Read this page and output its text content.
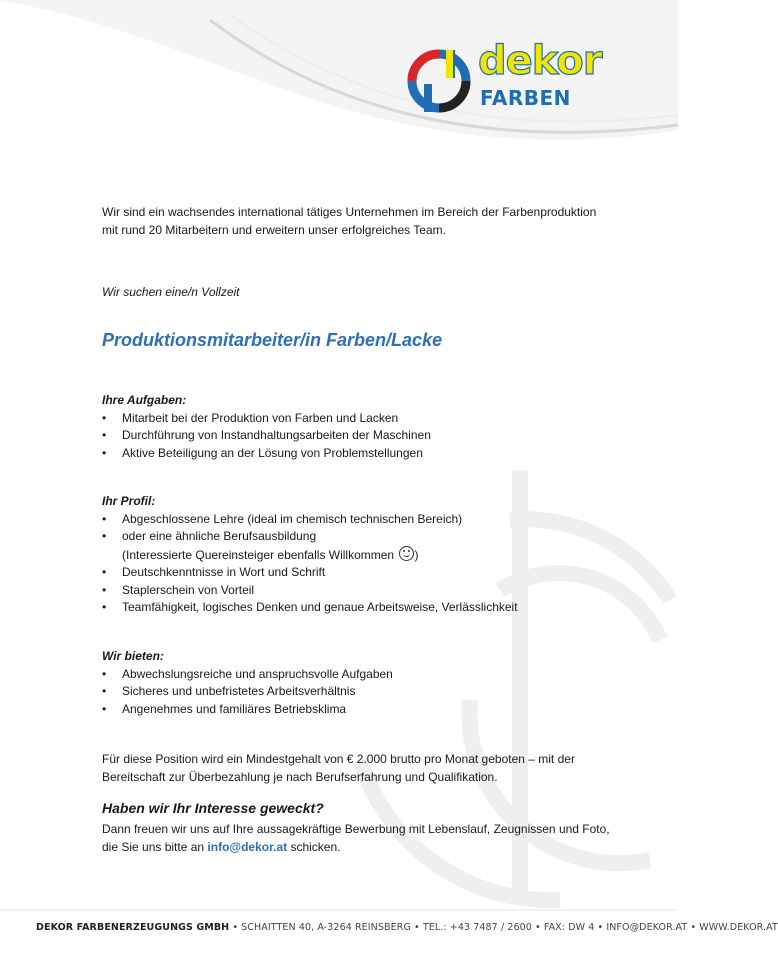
dekor
FARBEN
Wir sind ein wachsendes international tätiges Unternehmen im Bereich der Farbenproduktion mit rund 20 Mitarbeitern und erweitern unser erfolgreiches Team.
Wir suchen eine/n Vollzeit
Produktionsmitarbeiter/in Farben/Lacke
Ihre Aufgaben:
• Mitarbeit bei der Produktion von Farben und Lacken
• Durchführung von Instandhaltungsarbeiten der Maschinen
• Aktive Beteiligung an der Lösung von Problemstellungen
Ihr Profil:
• Abgeschlossene Lehre (ideal im chemisch technischen Bereich)
• oder eine ähnliche Berufsausbildung
(Interessierte Quereinsteiger ebenfalls Willkommen )
• Deutschkenntnisse in Wort und Schrift
• Staplerschein von Vorteil
• Teamfähigkeit, logisches Denken und genaue Arbeitsweise, Verlässlichkeit
Wir bieten:
• Abwechslungsreiche und anspruchsvolle Aufgaben
• Sicheres und unbefristetes Arbeitsverhältnis
• Angenehmes und familiäres Betriebsklima
Für diese Position wird ein Mindestgehalt von € 2.000 brutto pro Monat geboten – mit der Bereitschaft zur Überbezahlung je nach Berufserfahrung und Qualifikation.
Haben wir Ihr Interesse geweckt?
Dann freuen wir uns auf Ihre aussagekräftige Bewerbung mit Lebenslauf, Zeugnissen und Foto, die Sie uns bitte an info@dekor.at schicken.
DEKOR FARBENERZEUGUNGS GMBH • SCHAITTEN 40, A-3264 REINSBERG • TEL.: +43 7487 / 2600 • FAX: DW 4 • INFO@DEKOR.AT • WWW.DEKOR.AT
